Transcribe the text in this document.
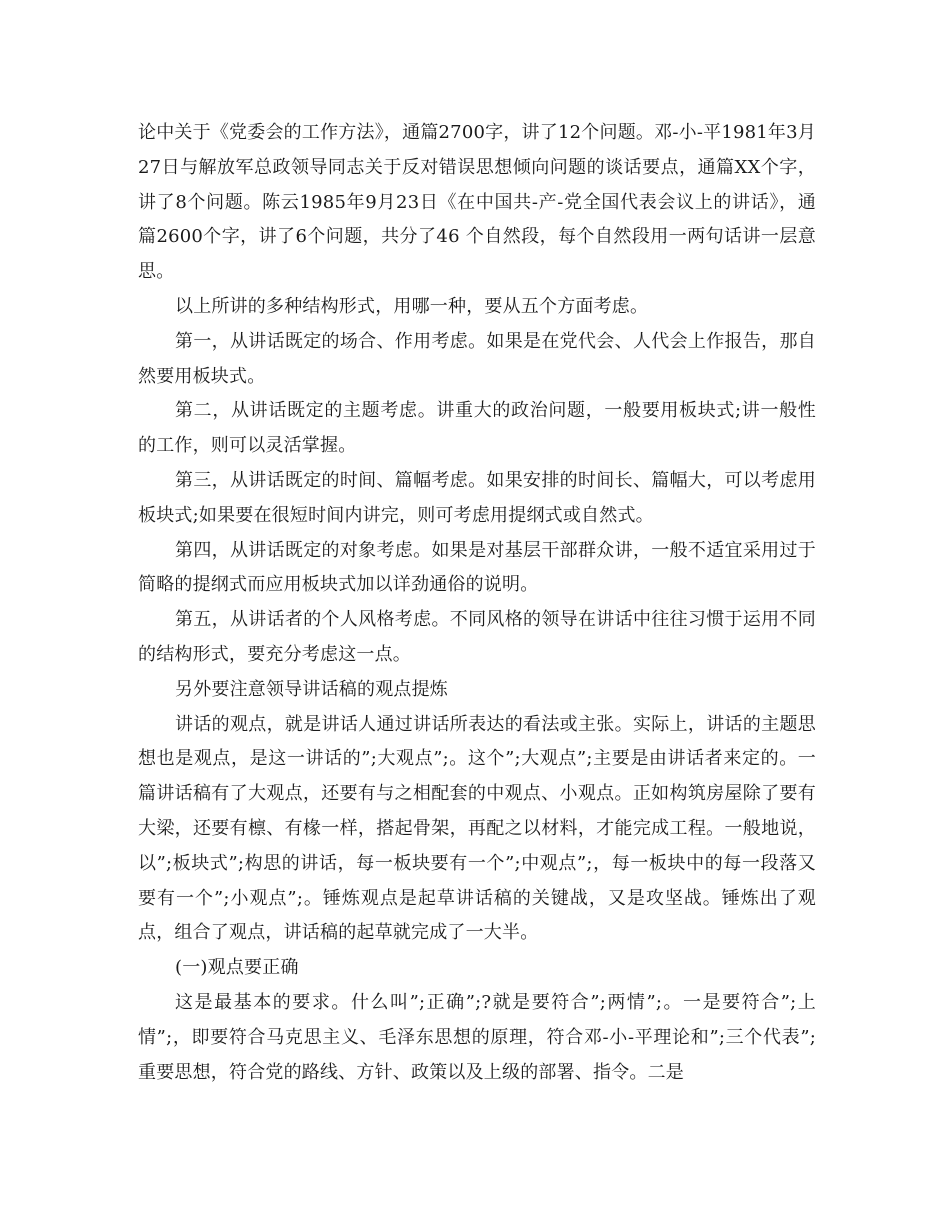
论中关于《党委会的工作方法》，通篇2700字，讲了12个问题。邓-小-平1981年3月27日与解放军总政领导同志关于反对错误思想倾向问题的谈话要点，通篇XX个字，讲了8个问题。陈云1985年9月23日《在中国共-产-党全国代表会议上的讲话》，通篇2600个字，讲了6个问题，共分了46 个自然段，每个自然段用一两句话讲一层意思。

以上所讲的多种结构形式，用哪一种，要从五个方面考虑。

第一，从讲话既定的场合、作用考虑。如果是在党代会、人代会上作报告，那自然要用板块式。

第二，从讲话既定的主题考虑。讲重大的政治问题，一般要用板块式;讲一般性的工作，则可以灵活掌握。

第三，从讲话既定的时间、篇幅考虑。如果安排的时间长、篇幅大，可以考虑用板块式;如果要在很短时间内讲完，则可考虑用提纲式或自然式。

第四，从讲话既定的对象考虑。如果是对基层干部群众讲，一般不适宜采用过于简略的提纲式而应用板块式加以详劲通俗的说明。

第五，从讲话者的个人风格考虑。不同风格的领导在讲话中往往习惯于运用不同的结构形式，要充分考虑这一点。

另外要注意领导讲话稿的观点提炼

讲话的观点，就是讲话人通过讲话所表达的看法或主张。实际上，讲话的主题思想也是观点，是这一讲话的”;大观点”;。这个”;大观点”;主要是由讲话者来定的。一篇讲话稿有了大观点，还要有与之相配套的中观点、小观点。正如构筑房屋除了要有大梁，还要有檩、有椽一样，搭起骨架，再配之以材料，才能完成工程。一般地说，以”;板块式”;构思的讲话，每一板块要有一个”;中观点”;，每一板块中的每一段落又要有一个”;小观点”;。锤炼观点是起草讲话稿的关键战，又是攻坚战。锤炼出了观点，组合了观点，讲话稿的起草就完成了一大半。

(一)观点要正确

这是最基本的要求。什么叫”;正确”;?就是要符合”;两情”;。一是要符合”;上情”;，即要符合马克思主义、毛泽东思想的原理，符合邓-小-平理论和”;三个代表”;重要思想，符合党的路线、方针、政策以及上级的部署、指令。二是
